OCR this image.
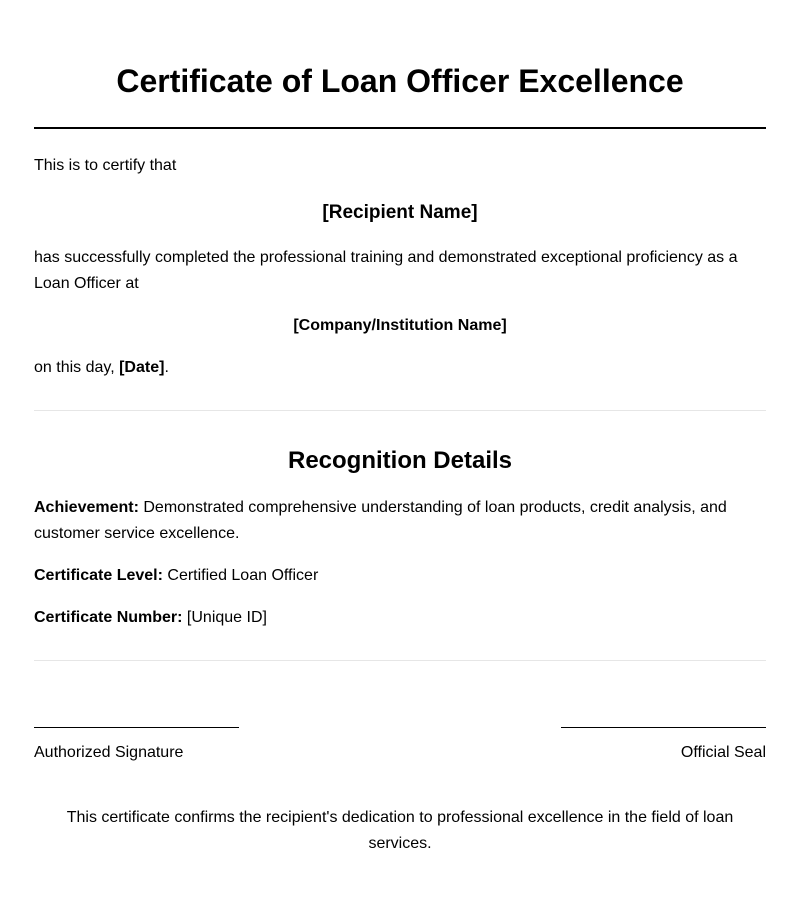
Certificate of Loan Officer Excellence

This is to certify that

[Recipient Name]

has successfully completed the professional training and demonstrated exceptional proficiency as a Loan Officer at

[Company/Institution Name]

on this day, [Date].

Recognition Details

Achievement: Demonstrated comprehensive understanding of loan products, credit analysis, and customer service excellence.

Certificate Level: Certified Loan Officer

Certificate Number: [Unique ID]

Authorized Signature	Official Seal

This certificate confirms the recipient's dedication to professional excellence in the field of loan services.
